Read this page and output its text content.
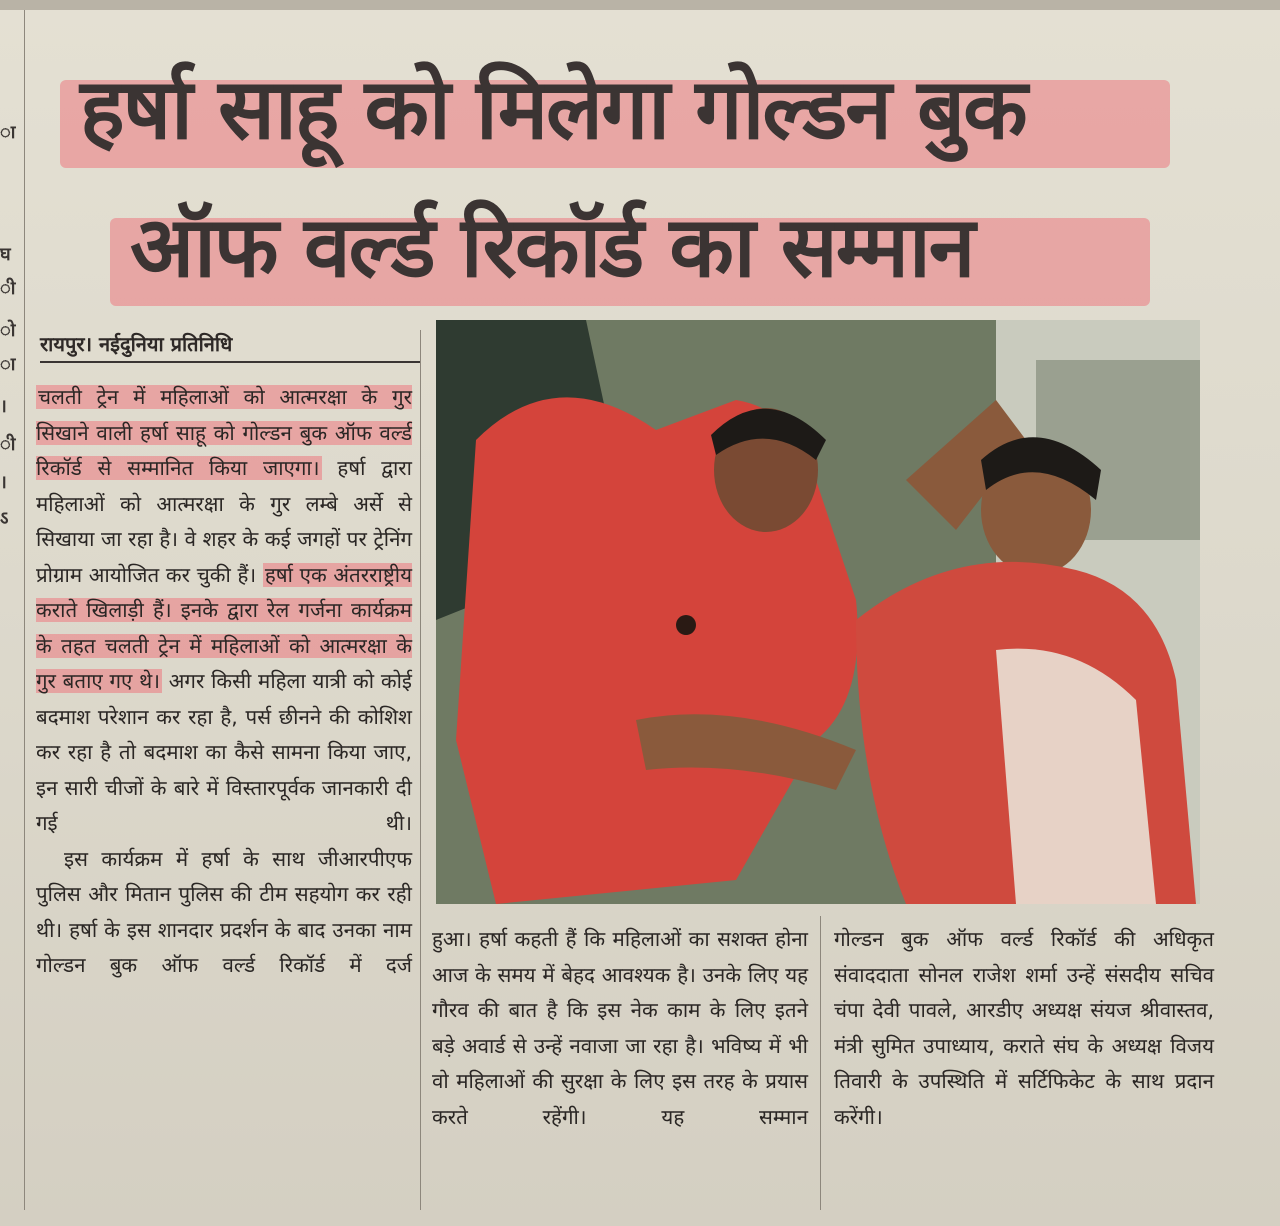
ा
घ
ी
ो
ा
।
ी
।
ऽ
हर्षा साहू को मिलेगा गोल्डन बुक
ऑफ वर्ल्ड रिकॉर्ड का सम्मान
रायपुर। नईदुनिया प्रतिनिधि

चलती ट्रेन में महिलाओं को आत्मरक्षा के गुर सिखाने वाली हर्षा साहू को गोल्डन बुक ऑफ वर्ल्ड रिकॉर्ड से सम्मानित किया जाएगा। हर्षा द्वारा महिलाओं को आत्मरक्षा के गुर लम्बे अर्से से सिखाया जा रहा है। वे शहर के कई जगहों पर ट्रेनिंग प्रोग्राम आयोजित कर चुकी हैं। हर्षा एक अंतरराष्ट्रीय कराते खिलाड़ी हैं। इनके द्वारा रेल गर्जना कार्यक्रम के तहत चलती ट्रेन में महिलाओं को आत्मरक्षा के गुर बताए गए थे। अगर किसी महिला यात्री को कोई बदमाश परेशान कर रहा है, पर्स छीनने की कोशिश कर रहा है तो बदमाश का कैसे सामना किया जाए, इन सारी चीजों के बारे में विस्तारपूर्वक जानकारी दी गई थी।

इस कार्यक्रम में हर्षा के साथ जीआरपीएफ पुलिस और मितान पुलिस की टीम सहयोग कर रही थी। हर्षा के इस शानदार प्रदर्शन के बाद उनका नाम गोल्डन बुक ऑफ वर्ल्ड रिकॉर्ड में दर्ज

हुआ। हर्षा कहती हैं कि महिलाओं का सशक्त होना आज के समय में बेहद आवश्यक है। उनके लिए यह गौरव की बात है कि इस नेक काम के लिए इतने बड़े अवार्ड से उन्हें नवाजा जा रहा है। भविष्य में भी वो महिलाओं की सुरक्षा के लिए इस तरह के प्रयास करते रहेंगी। यह सम्मान

गोल्डन बुक ऑफ वर्ल्ड रिकॉर्ड की अधिकृत संवाददाता सोनल राजेश शर्मा उन्हें संसदीय सचिव चंपा देवी पावले, आरडीए अध्यक्ष संयज श्रीवास्तव, मंत्री सुमित उपाध्याय, कराते संघ के अध्यक्ष विजय तिवारी के उपस्थिति में सर्टिफिकेट के साथ प्रदान करेंगी।
